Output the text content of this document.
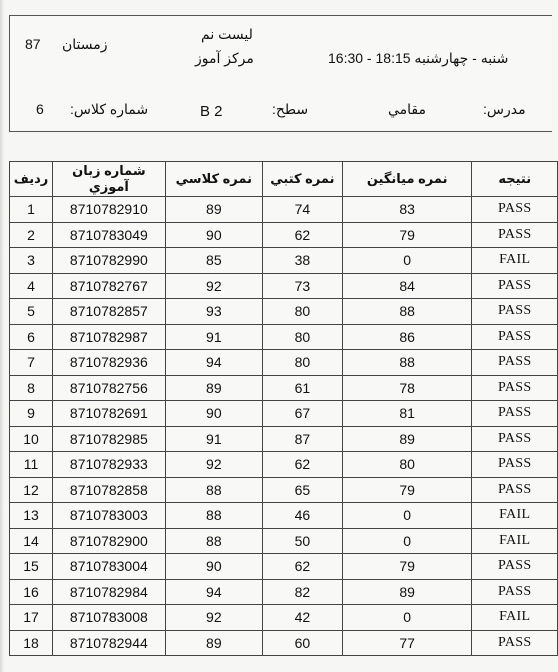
87 زمستان
لیست نم
مرکز آموز	شنبه - چهارشنبه 18:15 - 16:30
6 شماره کلاس:	B 2	سطح:	مقامي	مدرس:
رديف	شماره زبان آموزي	نمره كلاسي	نمره كتبي	نمره ميانگين	نتيجه
1	8710782910	89	74	83	PASS
2	8710783049	90	62	79	PASS
3	8710782990	85	38	0	FAIL
4	8710782767	92	73	84	PASS
5	8710782857	93	80	88	PASS
6	8710782987	91	80	86	PASS
7	8710782936	94	80	88	PASS
8	8710782756	89	61	78	PASS
9	8710782691	90	67	81	PASS
10	8710782985	91	87	89	PASS
11	8710782933	92	62	80	PASS
12	8710782858	88	65	79	PASS
13	8710783003	88	46	0	FAIL
14	8710782900	88	50	0	FAIL
15	8710783004	90	62	79	PASS
16	8710782984	94	82	89	PASS
17	8710783008	92	42	0	FAIL
18	8710782944	89	60	77	PASS
